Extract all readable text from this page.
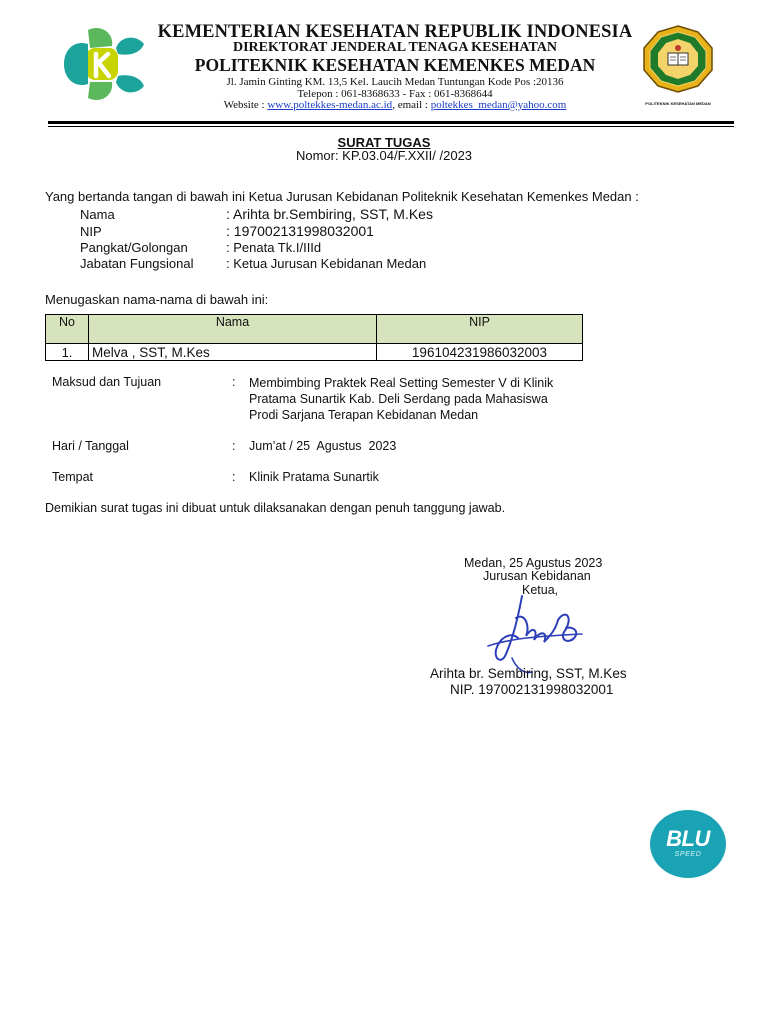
KEMENTERIAN KESEHATAN REPUBLIK INDONESIA
DIREKTORAT JENDERAL TENAGA KESEHATAN
POLITEKNIK KESEHATAN KEMENKES MEDAN
Jl. Jamin Ginting KM. 13,5 Kel. Laucih Medan Tuntungan Kode Pos :20136
Telepon : 061-8368633 - Fax : 061-8368644
Website : www.poltekkes-medan.ac.id, email : poltekkes_medan@yahoo.com	POLITEKNIK KESEHATAN MEDAN
SURAT TUGAS
Nomor: KP.03.04/F.XXII/ /2023
Yang bertanda tangan di bawah ini Ketua Jurusan Kebidanan Politeknik Kesehatan Kemenkes Medan :
Nama	: Arihta br.Sembiring, SST, M.Kes
NIP	: 197002131998032001
Pangkat/Golongan	: Penata Tk.I/IIId
Jabatan Fungsional	: Ketua Jurusan Kebidanan Medan
Menugaskan nama-nama di bawah ini:
No	Nama	NIP
1.	Melva , SST, M.Kes	196104231986032003
Maksud dan Tujuan	: Membimbing Praktek Real Setting Semester V di Klinik
Pratama Sunartik Kab. Deli Serdang pada Mahasiswa
Prodi Sarjana Terapan Kebidanan Medan
Hari / Tanggal	: Jum’at / 25  Agustus  2023
Tempat	: Klinik Pratama Sunartik
Demikian surat tugas ini dibuat untuk dilaksanakan dengan penuh tanggung jawab.
Medan, 25 Agustus 2023
Jurusan Kebidanan
Ketua,
Arihta br. Sembiring, SST, M.Kes
NIP. 197002131998032001
BLU
SPEED
